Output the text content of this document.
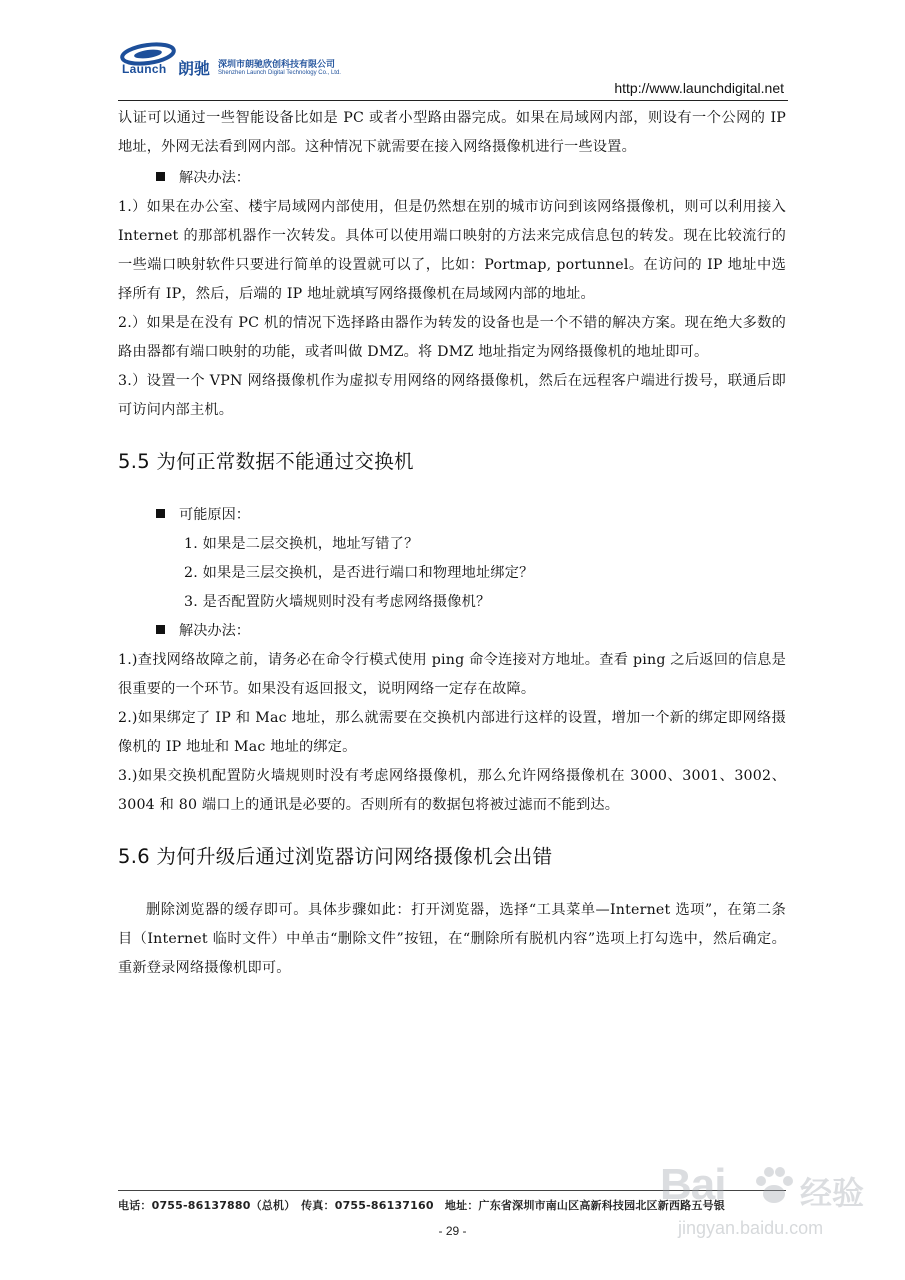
Launch 朗驰 深圳市朗驰欣创科技有限公司
Shenzhen Launch Digital Technology Co., Ltd.
http://www.launchdigital.net

认证可以通过一些智能设备比如是 PC 或者小型路由器完成。如果在局域网内部，则设有一个公网的 IP 地址，外网无法看到网内部。这种情况下就需要在接入网络摄像机进行一些设置。

解决办法：

1.）如果在办公室、楼宇局域网内部使用，但是仍然想在别的城市访问到该网络摄像机，则可以利用接入 Internet 的那部机器作一次转发。具体可以使用端口映射的方法来完成信息包的转发。现在比较流行的一些端口映射软件只要进行简单的设置就可以了，比如：Portmap, portunnel。在访问的 IP 地址中选择所有 IP，然后，后端的 IP 地址就填写网络摄像机在局域网内部的地址。

2.）如果是在没有 PC 机的情况下选择路由器作为转发的设备也是一个不错的解决方案。现在绝大多数的路由器都有端口映射的功能，或者叫做 DMZ。将 DMZ 地址指定为网络摄像机的地址即可。

3.）设置一个 VPN 网络摄像机作为虚拟专用网络的网络摄像机，然后在远程客户端进行拨号，联通后即可访问内部主机。

5.5 为何正常数据不能通过交换机

可能原因：

1. 如果是二层交换机，地址写错了？

2. 如果是三层交换机，是否进行端口和物理地址绑定？

3. 是否配置防火墙规则时没有考虑网络摄像机？

解决办法：

1.)查找网络故障之前，请务必在命令行模式使用 ping 命令连接对方地址。查看 ping 之后返回的信息是很重要的一个环节。如果没有返回报文，说明网络一定存在故障。

2.)如果绑定了 IP 和 Mac 地址，那么就需要在交换机内部进行这样的设置，增加一个新的绑定即网络摄像机的 IP 地址和 Mac 地址的绑定。

3.)如果交换机配置防火墙规则时没有考虑网络摄像机，那么允许网络摄像机在 3000、3001、3002、3004 和 80 端口上的通讯是必要的。否则所有的数据包将被过滤而不能到达。

5.6 为何升级后通过浏览器访问网络摄像机会出错

删除浏览器的缓存即可。具体步骤如此：打开浏览器，选择“工具菜单—Internet 选项”，在第二条目（Internet 临时文件）中单击“删除文件”按钮，在“删除所有脱机内容”选项上打勾选中，然后确定。重新登录网络摄像机即可。

电话：0755-86137880（总机）　传真：0755-86137160　地址：广东省深圳市南山区高新科技园北区新西路五号银
- 29 -
Bai 经验
jingyan.baidu.com
